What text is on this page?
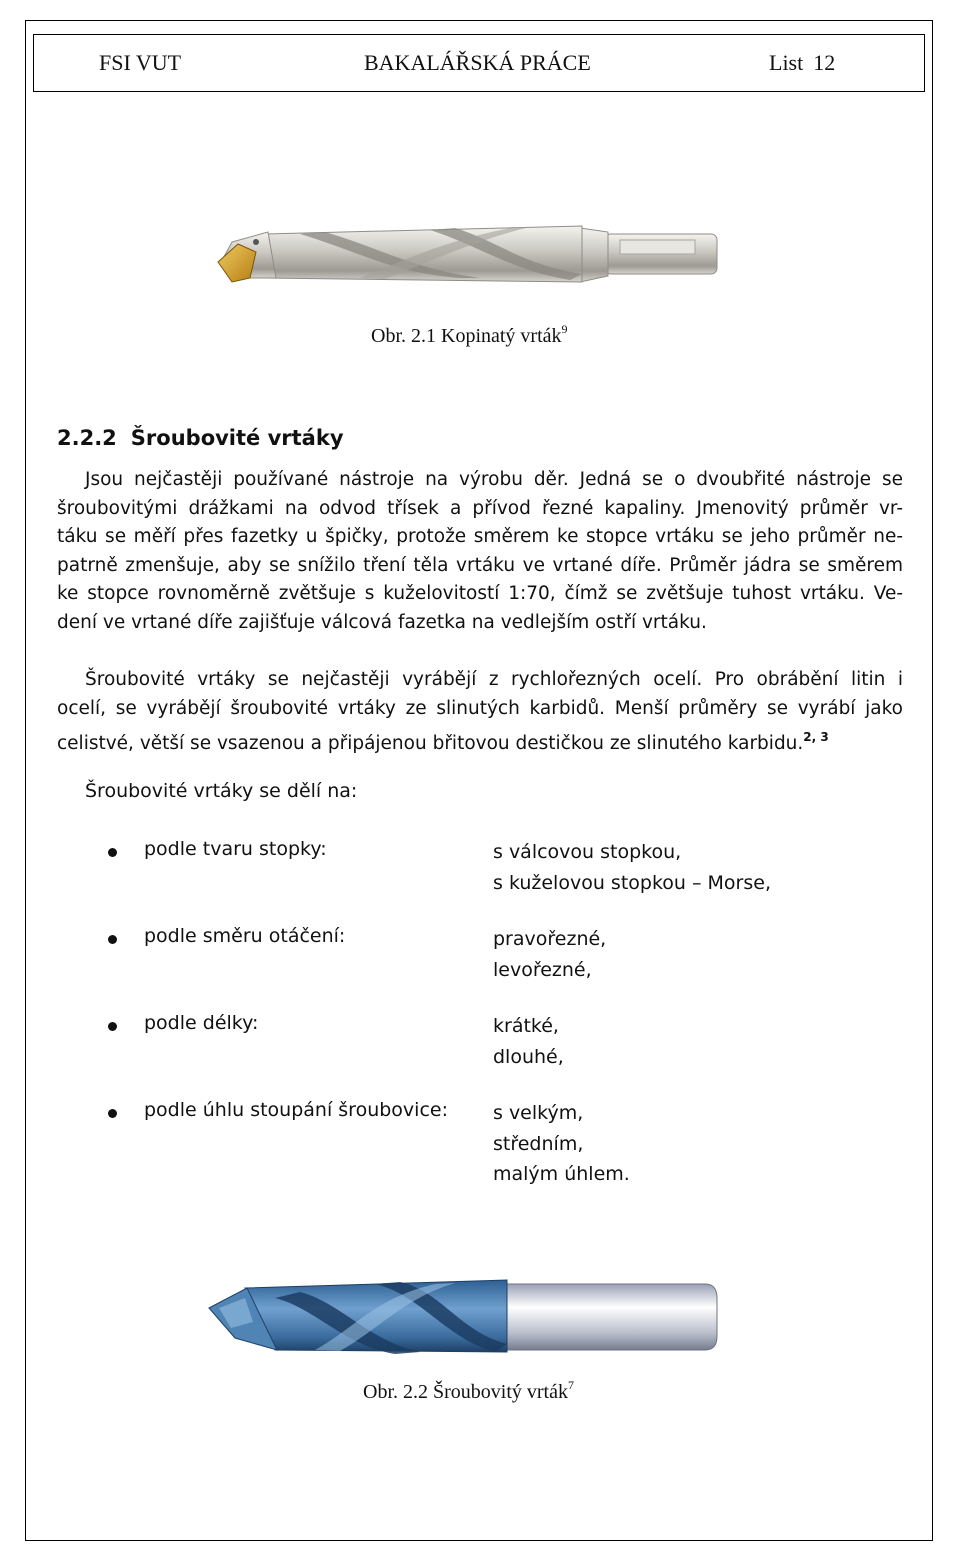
FSI VUT	BAKALÁŘSKÁ PRÁCE	List 12
Obr. 2.1 Kopinatý vrták$^9$
2.2.2 Šroubovité vrtáky
Jsou nejčastěji používané nástroje na výrobu děr. Jedná se o dvoubřité nástroje se
šroubovitými drážkami na odvod třísek a přívod řezné kapaliny. Jmenovitý průměr vr-
táku se měří přes fazetky u špičky, protože směrem ke stopce vrtáku se jeho průměr ne-
patrně zmenšuje, aby se snížilo tření těla vrtáku ve vrtané díře. Průměr jádra se směrem
ke stopce rovnoměrně zvětšuje s kuželovitostí 1:70, čímž se zvětšuje tuhost vrtáku. Ve-
dení ve vrtané díře zajišťuje válcová fazetka na vedlejším ostří vrtáku.
Šroubovité vrtáky se nejčastěji vyrábějí z rychlořezných ocelí. Pro obrábění litin i
ocelí, se vyrábějí šroubovité vrtáky ze slinutých karbidů. Menší průměry se vyrábí jako
celistvé, větší se vsazenou a připájenou břitovou destičkou ze slinutého karbidu.$^{2, 3}$
Šroubovité vrtáky se dělí na:
podle tvaru stopky:	s válcovou stopkou,
s kuželovou stopkou – Morse,
podle směru otáčení:	pravořezné,
levořezné,
podle délky:	krátké,
dlouhé,
podle úhlu stoupání šroubovice: s velkým,
středním,
malým úhlem.
Obr. 2.2 Šroubovitý vrták$^7$
